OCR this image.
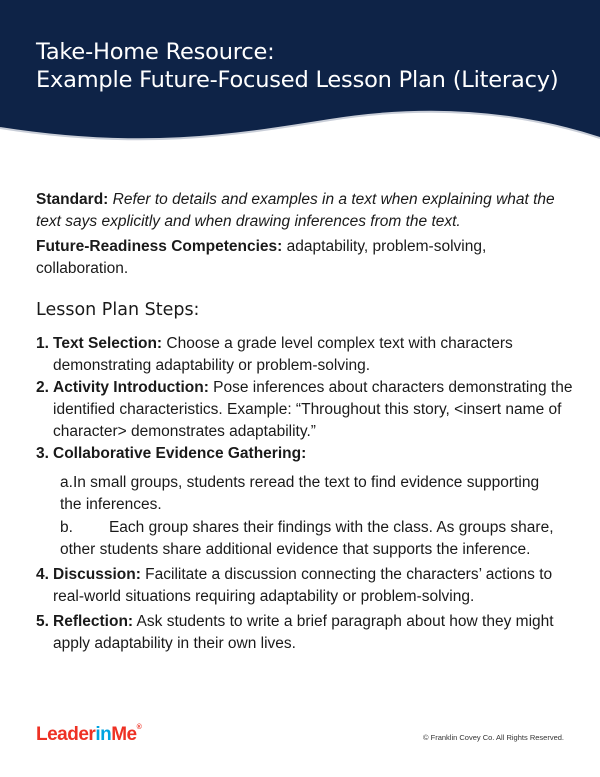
Take-Home Resource:
Example Future-Focused Lesson Plan (Literacy)
Standard: Refer to details and examples in a text when explaining what the text says explicitly and when drawing inferences from the text.
Future-Readiness Competencies: adaptability, problem-solving, collaboration.
Lesson Plan Steps:
1. Text Selection: Choose a grade level complex text with characters demonstrating adaptability or problem-solving.
2. Activity Introduction: Pose inferences about characters demonstrating the identified characteristics. Example: “Throughout this story, <insert name of character> demonstrates adaptability.”
3. Collaborative Evidence Gathering:
a.In small groups, students reread the text to find evidence supporting the inferences.
b. Each group shares their findings with the class. As groups share, other students share additional evidence that supports the inference.
4. Discussion: Facilitate a discussion connecting the characters’ actions to real-world situations requiring adaptability or problem-solving.
5. Reflection: Ask students to write a brief paragraph about how they might apply adaptability in their own lives.
LeaderinMe®
© Franklin Covey Co. All Rights Reserved.
